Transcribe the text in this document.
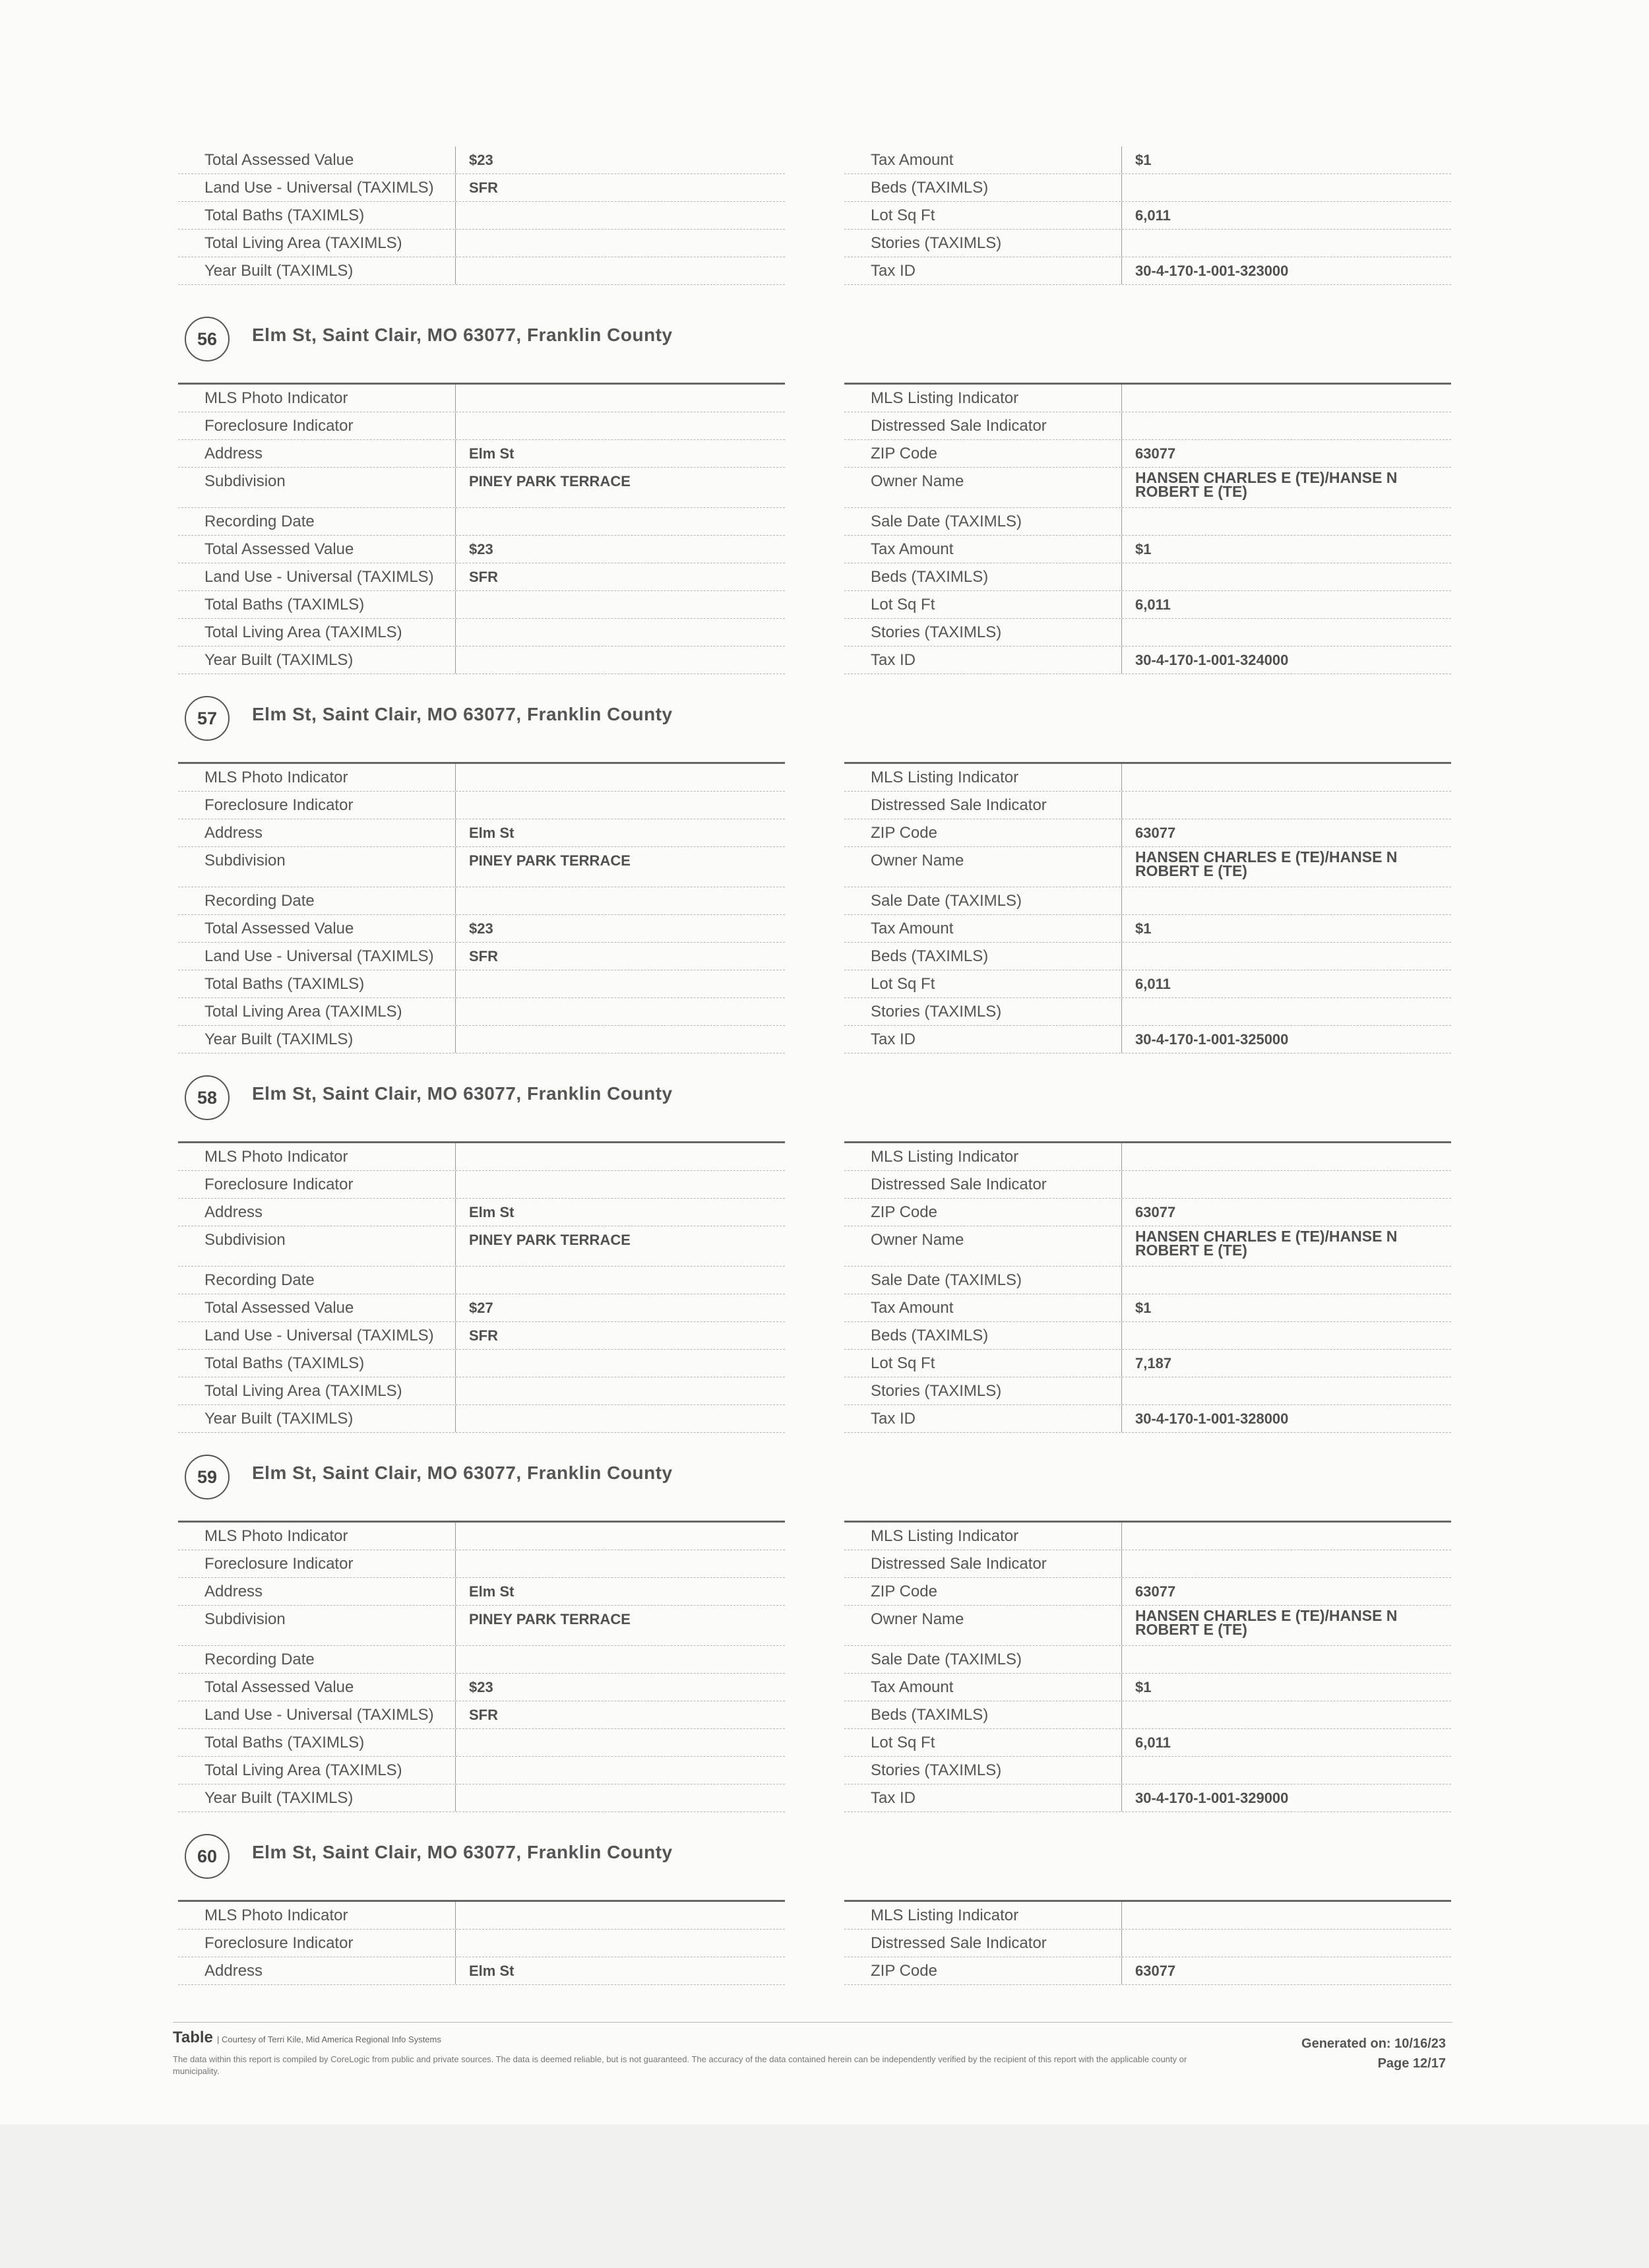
Total Assessed Value	$23
Land Use - Universal (TAXIMLS)	SFR
Total Baths (TAXIMLS)
Total Living Area (TAXIMLS)
Year Built (TAXIMLS)
Tax Amount	$1
Beds (TAXIMLS)
Lot Sq Ft	6,011
Stories (TAXIMLS)
Tax ID	30-4-170-1-001-323000
56	Elm St, Saint Clair, MO 63077, Franklin County
MLS Photo Indicator
Foreclosure Indicator
Address	Elm St
Subdivision	PINEY PARK TERRACE
Recording Date
Total Assessed Value	$23
Land Use - Universal (TAXIMLS)	SFR
Total Baths (TAXIMLS)
Total Living Area (TAXIMLS)
Year Built (TAXIMLS)
MLS Listing Indicator
Distressed Sale Indicator
ZIP Code	63077
Owner Name	HANSEN CHARLES E (TE)/HANSE N ROBERT E (TE)
Sale Date (TAXIMLS)
Tax Amount	$1
Beds (TAXIMLS)
Lot Sq Ft	6,011
Stories (TAXIMLS)
Tax ID	30-4-170-1-001-324000
57	Elm St, Saint Clair, MO 63077, Franklin County
MLS Photo Indicator
Foreclosure Indicator
Address	Elm St
Subdivision	PINEY PARK TERRACE
Recording Date
Total Assessed Value	$23
Land Use - Universal (TAXIMLS)	SFR
Total Baths (TAXIMLS)
Total Living Area (TAXIMLS)
Year Built (TAXIMLS)
MLS Listing Indicator
Distressed Sale Indicator
ZIP Code	63077
Owner Name	HANSEN CHARLES E (TE)/HANSE N ROBERT E (TE)
Sale Date (TAXIMLS)
Tax Amount	$1
Beds (TAXIMLS)
Lot Sq Ft	6,011
Stories (TAXIMLS)
Tax ID	30-4-170-1-001-325000
58	Elm St, Saint Clair, MO 63077, Franklin County
MLS Photo Indicator
Foreclosure Indicator
Address	Elm St
Subdivision	PINEY PARK TERRACE
Recording Date
Total Assessed Value	$27
Land Use - Universal (TAXIMLS)	SFR
Total Baths (TAXIMLS)
Total Living Area (TAXIMLS)
Year Built (TAXIMLS)
MLS Listing Indicator
Distressed Sale Indicator
ZIP Code	63077
Owner Name	HANSEN CHARLES E (TE)/HANSE N ROBERT E (TE)
Sale Date (TAXIMLS)
Tax Amount	$1
Beds (TAXIMLS)
Lot Sq Ft	7,187
Stories (TAXIMLS)
Tax ID	30-4-170-1-001-328000
59	Elm St, Saint Clair, MO 63077, Franklin County
MLS Photo Indicator
Foreclosure Indicator
Address	Elm St
Subdivision	PINEY PARK TERRACE
Recording Date
Total Assessed Value	$23
Land Use - Universal (TAXIMLS)	SFR
Total Baths (TAXIMLS)
Total Living Area (TAXIMLS)
Year Built (TAXIMLS)
MLS Listing Indicator
Distressed Sale Indicator
ZIP Code	63077
Owner Name	HANSEN CHARLES E (TE)/HANSE N ROBERT E (TE)
Sale Date (TAXIMLS)
Tax Amount	$1
Beds (TAXIMLS)
Lot Sq Ft	6,011
Stories (TAXIMLS)
Tax ID	30-4-170-1-001-329000
60	Elm St, Saint Clair, MO 63077, Franklin County
MLS Photo Indicator
Foreclosure Indicator
Address	Elm St
MLS Listing Indicator
Distressed Sale Indicator
ZIP Code	63077
Table | Courtesy of Terri Kile, Mid America Regional Info Systems
The data within this report is compiled by CoreLogic from public and private sources. The data is deemed reliable, but is not guaranteed. The accuracy of the data contained herein can be independently verified by the recipient of this report with the applicable county or municipality.
Generated on: 10/16/23
Page 12/17
